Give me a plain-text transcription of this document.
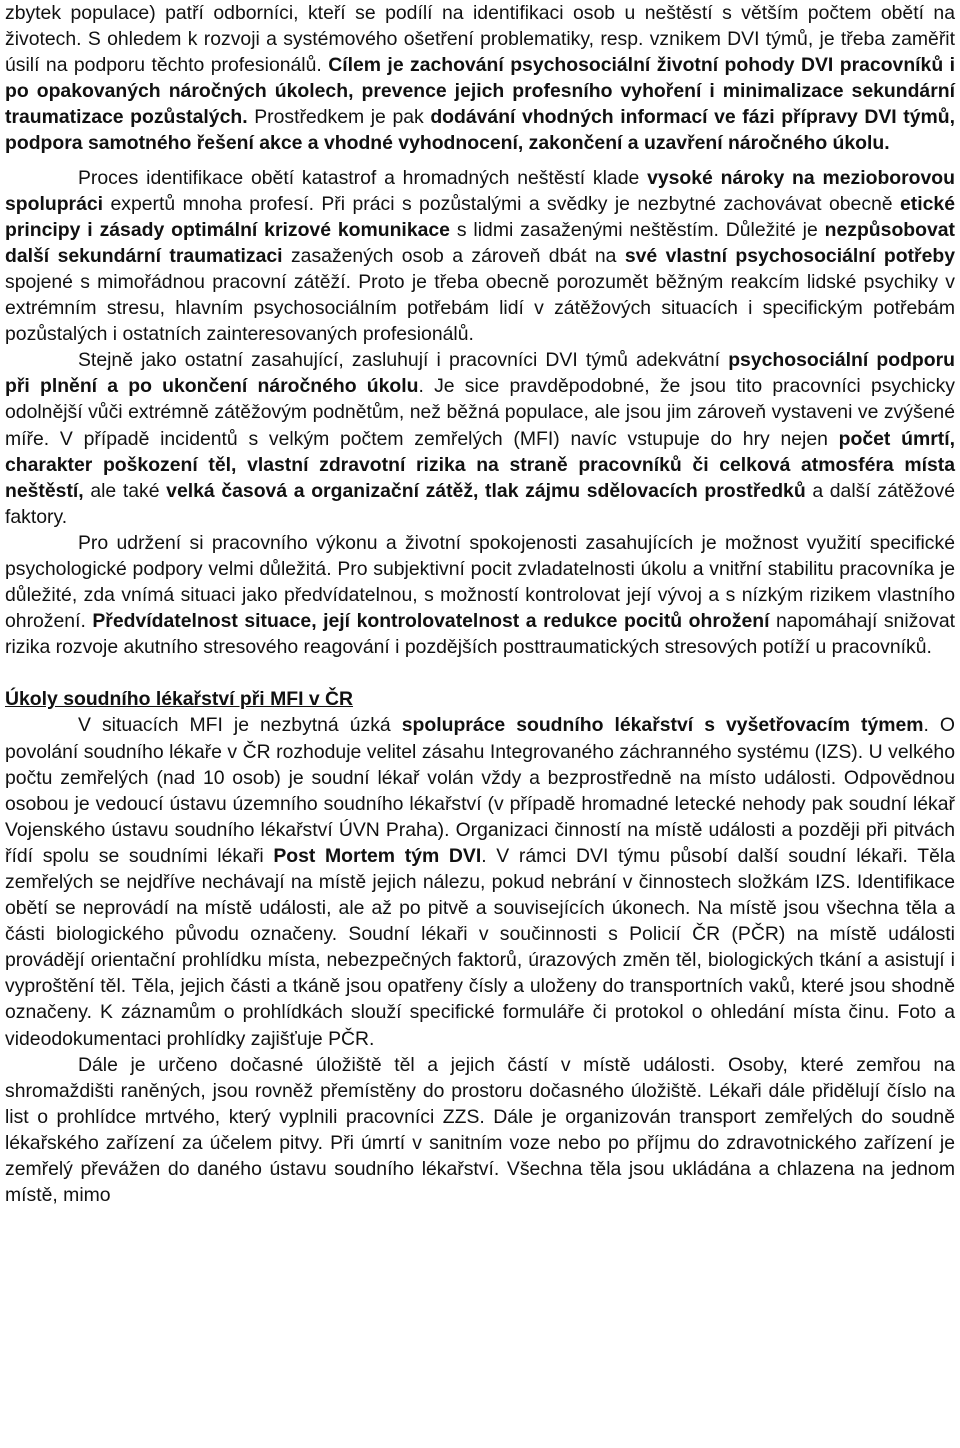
zbytek populace) patří odborníci, kteří se podílí na identifikaci osob u neštěstí s větším počtem obětí na životech. S ohledem k rozvoji a systémového ošetření problematiky, resp. vznikem DVI týmů, je třeba zaměřit úsilí na podporu těchto profesionálů. Cílem je zachování psychosociální životní pohody DVI pracovníků i po opakovaných náročných úkolech, prevence jejich profesního vyhoření i minimalizace sekundární traumatizace pozůstalých. Prostředkem je pak dodávání vhodných informací ve fázi přípravy DVI týmů, podpora samotného řešení akce a vhodné vyhodnocení, zakončení a uzavření náročného úkolu.

Proces identifikace obětí katastrof a hromadných neštěstí klade vysoké nároky na mezioborovou spolupráci expertů mnoha profesí. Při práci s pozůstalými a svědky je nezbytné zachovávat obecně etické principy i zásady optimální krizové komunikace s lidmi zasaženými neštěstím. Důležité je nezpůsobovat další sekundární traumatizaci zasažených osob a zároveň dbát na své vlastní psychosociální potřeby spojené s mimořádnou pracovní zátěží. Proto je třeba obecně porozumět běžným reakcím lidské psychiky v extrémním stresu, hlavním psychosociálním potřebám lidí v zátěžových situacích i specifickým potřebám pozůstalých i ostatních zainteresovaných profesionálů.

Stejně jako ostatní zasahující, zasluhují i pracovníci DVI týmů adekvátní psychosociální podporu při plnění a po ukončení náročného úkolu. Je sice pravděpodobné, že jsou tito pracovníci psychicky odolnější vůči extrémně zátěžovým podnětům, než běžná populace, ale jsou jim zároveň vystaveni ve zvýšené míře. V případě incidentů s velkým počtem zemřelých (MFI) navíc vstupuje do hry nejen počet úmrtí, charakter poškození těl, vlastní zdravotní rizika na straně pracovníků či celková atmosféra místa neštěstí, ale také velká časová a organizační zátěž, tlak zájmu sdělovacích prostředků a další zátěžové faktory.

Pro udržení si pracovního výkonu a životní spokojenosti zasahujících je možnost využití specifické psychologické podpory velmi důležitá. Pro subjektivní pocit zvladatelnosti úkolu a vnitřní stabilitu pracovníka je důležité, zda vnímá situaci jako předvídatelnou, s možností kontrolovat její vývoj a s nízkým rizikem vlastního ohrožení. Předvídatelnost situace, její kontrolovatelnost a redukce pocitů ohrožení napomáhají snižovat rizika rozvoje akutního stresového reagování i pozdějších posttraumatických stresových potíží u pracovníků.

Úkoly soudního lékařství při MFI v ČR

V situacích MFI je nezbytná úzká spolupráce soudního lékařství s vyšetřovacím týmem. O povolání soudního lékaře v ČR rozhoduje velitel zásahu Integrovaného záchranného systému (IZS). U velkého počtu zemřelých (nad 10 osob) je soudní lékař volán vždy a bezprostředně na místo události. Odpovědnou osobou je vedoucí ústavu územního soudního lékařství (v případě hromadné letecké nehody pak soudní lékař Vojenského ústavu soudního lékařství ÚVN Praha). Organizaci činností na místě události a později při pitvách řídí spolu se soudními lékaři Post Mortem tým DVI. V rámci DVI týmu působí další soudní lékaři. Těla zemřelých se nejdříve nechávají na místě jejich nálezu, pokud nebrání v činnostech složkám IZS. Identifikace obětí se neprovádí na místě události, ale až po pitvě a souvisejících úkonech. Na místě jsou všechna těla a části biologického původu označeny. Soudní lékaři v součinnosti s Policií ČR (PČR) na místě události provádějí orientační prohlídku místa, nebezpečných faktorů, úrazových změn těl, biologických tkání a asistují i vyproštění těl. Těla, jejich části a tkáně jsou opatřeny čísly a uloženy do transportních vaků, které jsou shodně označeny. K záznamům o prohlídkách slouží specifické formuláře či protokol o ohledání místa činu. Foto a videodokumentaci prohlídky zajišťuje PČR.

Dále je určeno dočasné úložiště těl a jejich částí v místě události. Osoby, které zemřou na shromaždišti raněných, jsou rovněž přemístěny do prostoru dočasného úložiště. Lékaři dále přidělují číslo na list o prohlídce mrtvého, který vyplnili pracovníci ZZS. Dále je organizován transport zemřelých do soudně lékařského zařízení za účelem pitvy. Při úmrtí v sanitním voze nebo po příjmu do zdravotnického zařízení je zemřelý převážen do daného ústavu soudního lékařství. Všechna těla jsou ukládána a chlazena na jednom místě, mimo
